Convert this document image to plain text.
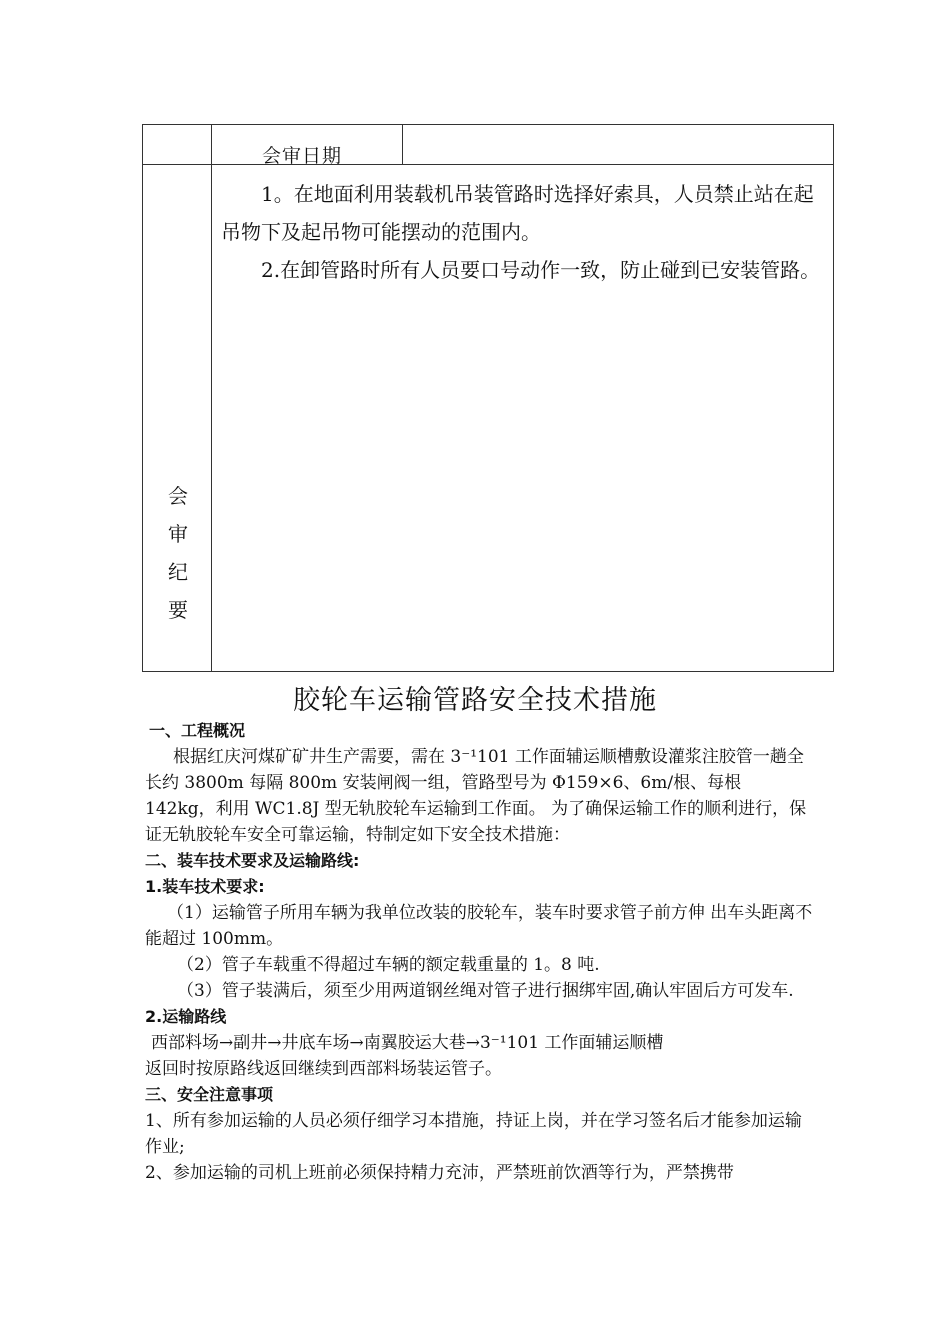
会审日期
会
审
纪
要

1。在地面利用装载机吊装管路时选择好索具，人员禁止站在起吊物下及起吊物可能摆动的范围内。

2.在卸管路时所有人员要口号动作一致，防止碰到已安装管路。

胶轮车运输管路安全技术措施

一、工程概况

根据红庆河煤矿矿井生产需要，需在 3⁻¹101 工作面辅运顺槽敷设灌浆注胶管一趟全长约 3800m 每隔 800m 安装闸阀一组，管路型号为 Φ159×6、6m/根、每根 142kg，利用 WC1.8J 型无轨胶轮车运输到工作面。 为了确保运输工作的顺利进行，保证无轨胶轮车安全可靠运输，特制定如下安全技术措施：

二、装车技术要求及运输路线:

1.装车技术要求:

（1）运输管子所用车辆为我单位改装的胶轮车，装车时要求管子前方伸 出车头距离不能超过 100mm。

（2）管子车载重不得超过车辆的额定载重量的 1。8 吨.

（3）管子装满后，须至少用两道钢丝绳对管子进行捆绑牢固,确认牢固后方可发车.

2.运输路线

西部料场→副井→井底车场→南翼胶运大巷→3⁻¹101 工作面辅运顺槽

返回时按原路线返回继续到西部料场装运管子。

三、安全注意事项

1、所有参加运输的人员必须仔细学习本措施，持证上岗，并在学习签名后才能参加运输作业;

2、参加运输的司机上班前必须保持精力充沛，严禁班前饮酒等行为，严禁携带
